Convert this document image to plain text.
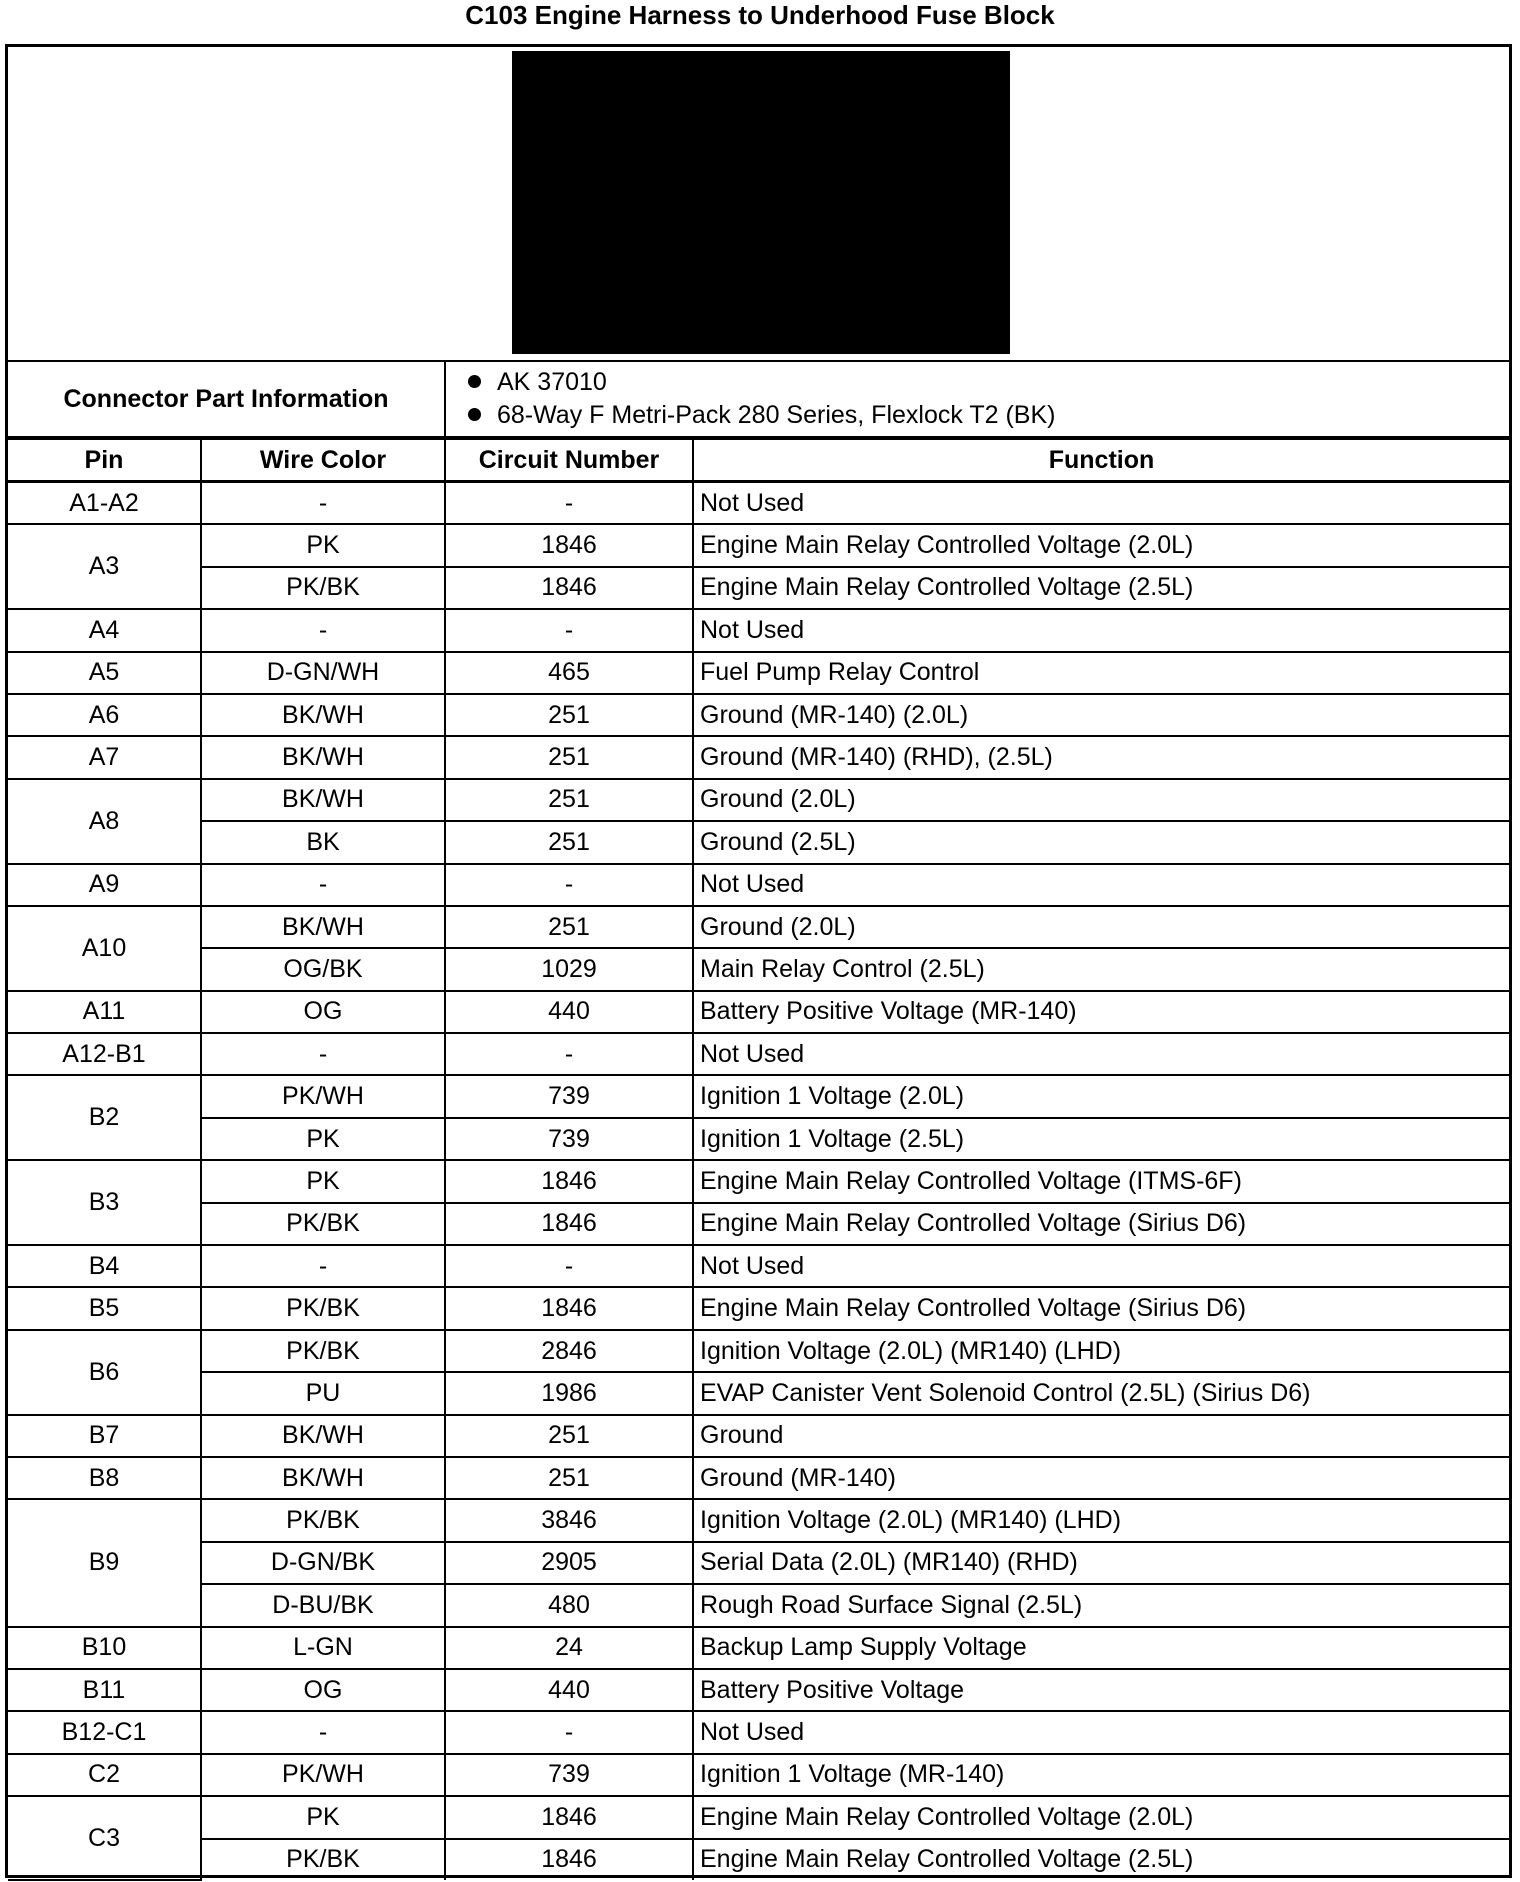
C103 Engine Harness to Underhood Fuse Block
Connector Part Information	
AK 37010
68-Way F Metri-Pack 280 Series, Flexlock T2 (BK)
Pin	Wire Color	Circuit Number	Function
A1-A2	-	-	Not Used
A3	PK	1846	Engine Main Relay Controlled Voltage (2.0L)
	PK/BK	1846	Engine Main Relay Controlled Voltage (2.5L)
A4	-	-	Not Used
A5	D-GN/WH	465	Fuel Pump Relay Control
A6	BK/WH	251	Ground (MR-140) (2.0L)
A7	BK/WH	251	Ground (MR-140) (RHD), (2.5L)
A8	BK/WH	251	Ground (2.0L)
	BK	251	Ground (2.5L)
A9	-	-	Not Used
A10	BK/WH	251	Ground (2.0L)
	OG/BK	1029	Main Relay Control (2.5L)
A11	OG	440	Battery Positive Voltage (MR-140)
A12-B1	-	-	Not Used
B2	PK/WH	739	Ignition 1 Voltage (2.0L)
	PK	739	Ignition 1 Voltage (2.5L)
B3	PK	1846	Engine Main Relay Controlled Voltage (ITMS-6F)
	PK/BK	1846	Engine Main Relay Controlled Voltage (Sirius D6)
B4	-	-	Not Used
B5	PK/BK	1846	Engine Main Relay Controlled Voltage (Sirius D6)
B6	PK/BK	2846	Ignition Voltage (2.0L) (MR140) (LHD)
	PU	1986	EVAP Canister Vent Solenoid Control (2.5L) (Sirius D6)
B7	BK/WH	251	Ground
B8	BK/WH	251	Ground (MR-140)
B9	PK/BK	3846	Ignition Voltage (2.0L) (MR140) (LHD)
	D-GN/BK	2905	Serial Data (2.0L) (MR140) (RHD)
	D-BU/BK	480	Rough Road Surface Signal (2.5L)
B10	L-GN	24	Backup Lamp Supply Voltage
B11	OG	440	Battery Positive Voltage
B12-C1	-	-	Not Used
C2	PK/WH	739	Ignition 1 Voltage (MR-140)
C3	PK	1846	Engine Main Relay Controlled Voltage (2.0L)
	PK/BK	1846	Engine Main Relay Controlled Voltage (2.5L)
